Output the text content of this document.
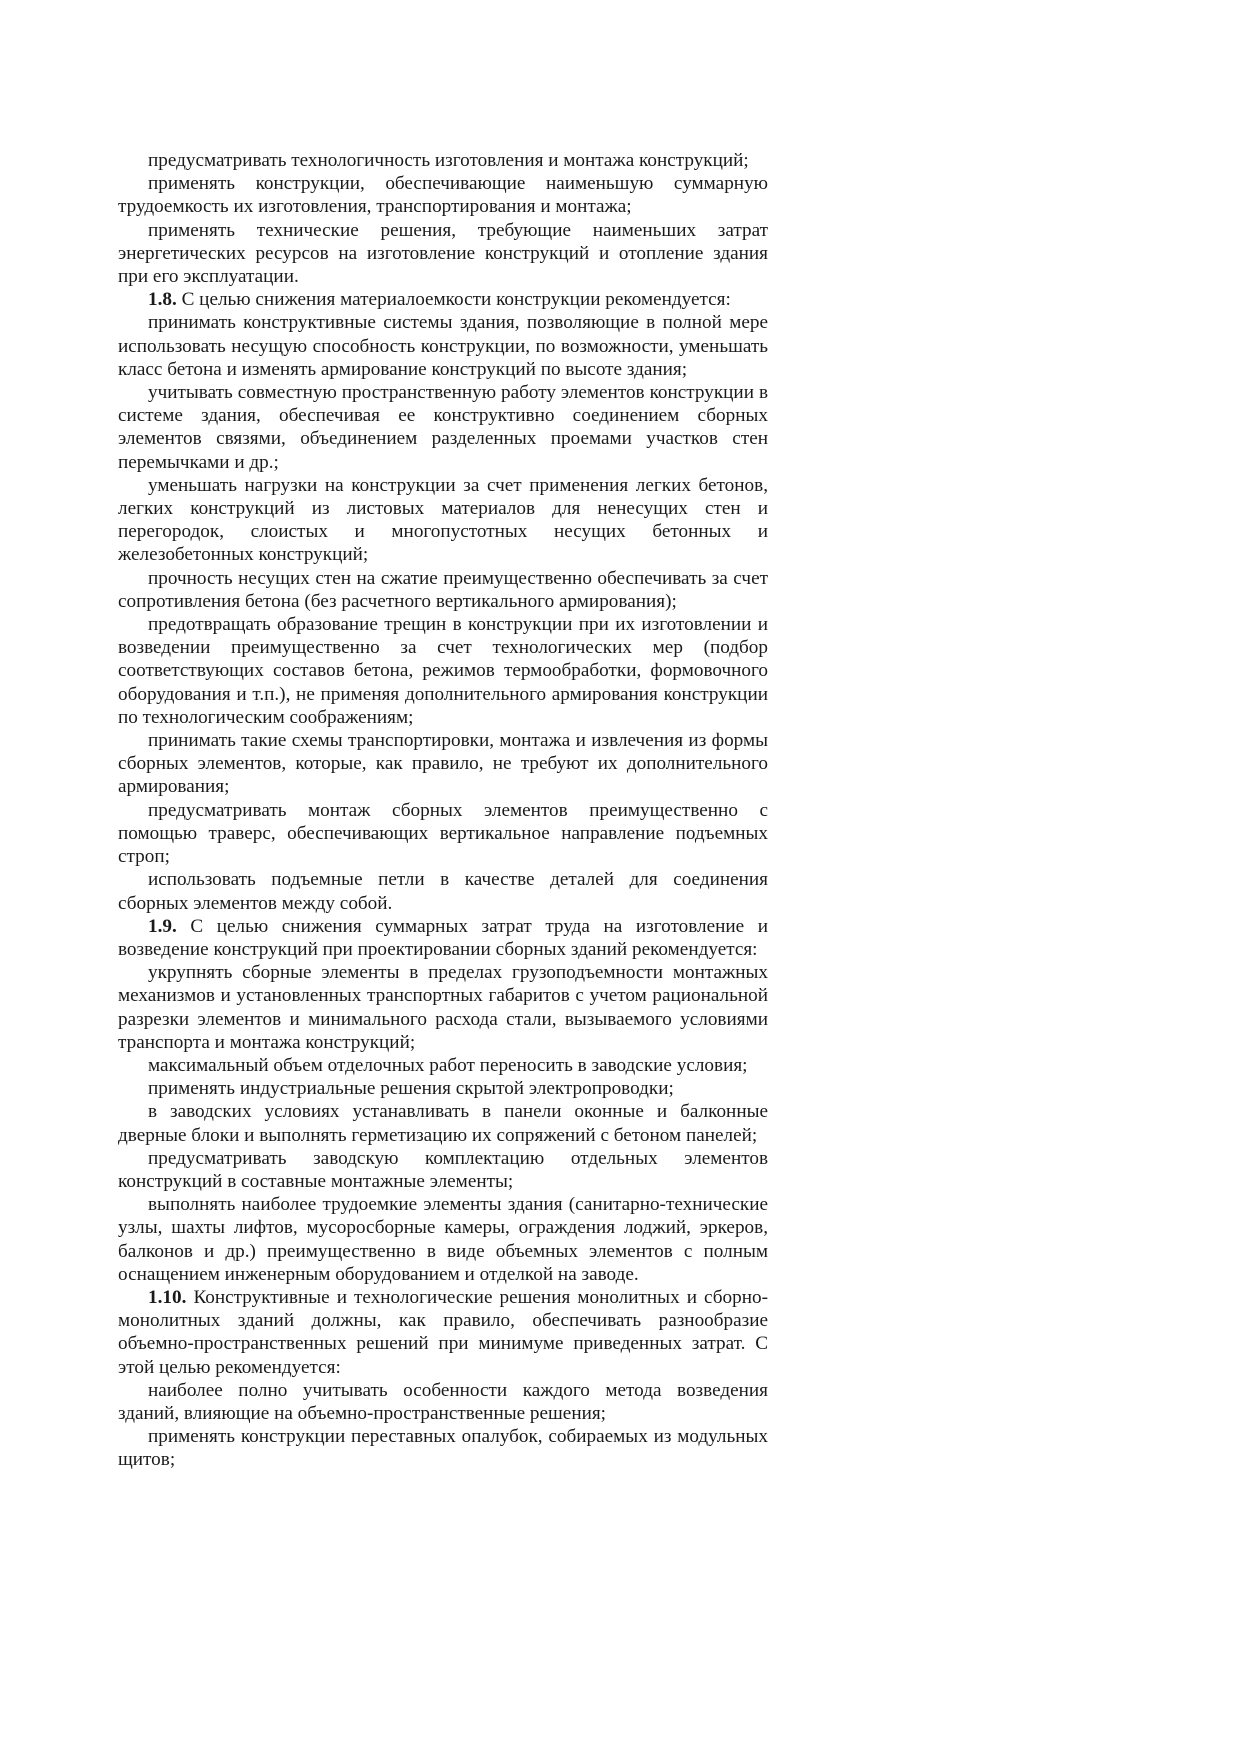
предусматривать технологичность изготовления и монтажа конструкций;

применять конструкции, обеспечивающие наименьшую суммарную трудоемкость их изготовления, транспортирования и монтажа;

применять технические решения, требующие наименьших затрат энергетических ресурсов на изготовление конструкций и отопление здания при его эксплуатации.

1.8. С целью снижения материалоемкости конструкции рекомендуется:

принимать конструктивные системы здания, позволяющие в полной мере использовать несущую способность конструкции, по возможности, уменьшать класс бетона и изменять армирование конструкций по высоте здания;

учитывать совместную пространственную работу элементов конструкции в системе здания, обеспечивая ее конструктивно соединением сборных элементов связями, объединением разделенных проемами участков стен перемычками и др.;

уменьшать нагрузки на конструкции за счет применения легких бетонов, легких конструкций из листовых материалов для ненесущих стен и перегородок, слоистых и многопустотных несущих бетонных и железобетонных конструкций;

прочность несущих стен на сжатие преимущественно обеспечивать за счет сопротивления бетона (без расчетного вертикального армирования);

предотвращать образование трещин в конструкции при их изготовлении и возведении преимущественно за счет технологических мер (подбор соответствующих составов бетона, режимов термообработки, формовочного оборудования и т.п.), не применяя дополнительного армирования конструкции по технологическим соображениям;

принимать такие схемы транспортировки, монтажа и извлечения из формы сборных элементов, которые, как правило, не требуют их дополнительного армирования;

предусматривать монтаж сборных элементов преимущественно с помощью траверс, обеспечивающих вертикальное направление подъемных строп;

использовать подъемные петли в качестве деталей для соединения сборных элементов между собой.

1.9. С целью снижения суммарных затрат труда на изготовление и возведение конструкций при проектировании сборных зданий рекомендуется:

укрупнять сборные элементы в пределах грузоподъемности монтажных механизмов и установленных транспортных габаритов с учетом рациональной разрезки элементов и минимального расхода стали, вызываемого условиями транспорта и монтажа конструкций;

максимальный объем отделочных работ переносить в заводские условия;

применять индустриальные решения скрытой электропроводки;

в заводских условиях устанавливать в панели оконные и балконные дверные блоки и выполнять герметизацию их сопряжений с бетоном панелей;

предусматривать заводскую комплектацию отдельных элементов конструкций в составные монтажные элементы;

выполнять наиболее трудоемкие элементы здания (санитарно-технические узлы, шахты лифтов, мусоросборные камеры, ограждения лоджий, эркеров, балконов и др.) преимущественно в виде объемных элементов с полным оснащением инженерным оборудованием и отделкой на заводе.

1.10. Конструктивные и технологические решения монолитных и сборно-монолитных зданий должны, как правило, обеспечивать разнообразие объемно-пространственных решений при минимуме приведенных затрат. С этой целью рекомендуется:

наиболее полно учитывать особенности каждого метода возведения зданий, влияющие на объемно-пространственные решения;

применять конструкции переставных опалубок, собираемых из модульных щитов;
